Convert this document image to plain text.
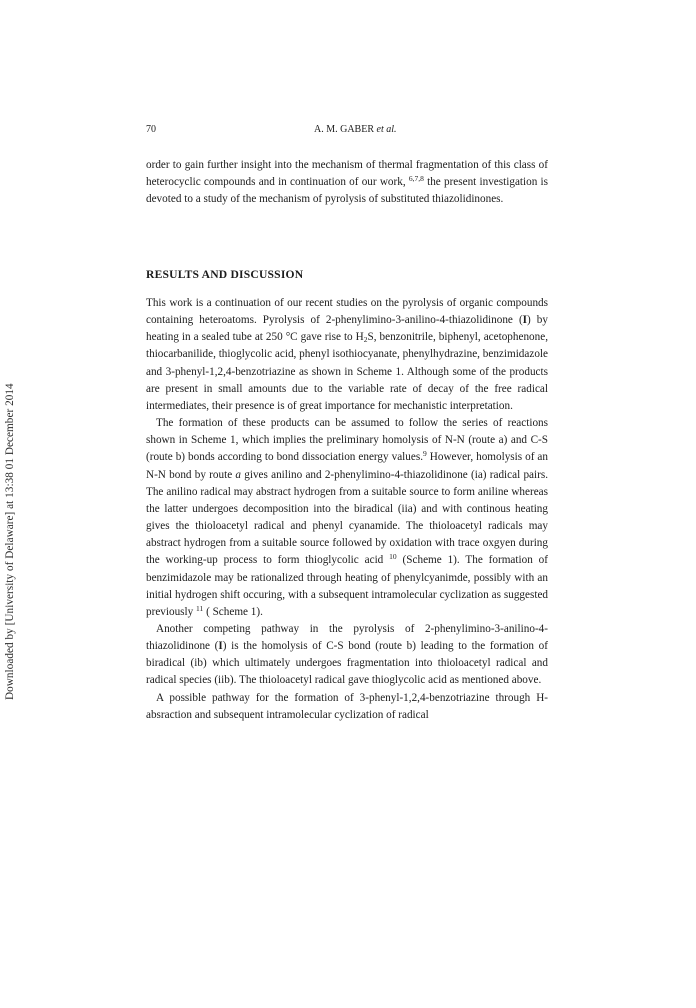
Downloaded by [University of Delaware] at 13:38 01 December 2014
70	A. M. GABER et al.

order to gain further insight into the mechanism of thermal fragmentation of this class of heterocyclic compounds and in continuation of our work, $^{6,7,8}$ the present investigation is devoted to a study of the mechanism of pyrolysis of substituted thiazolidinones.

RESULTS AND DISCUSSION

This work is a continuation of our recent studies on the pyrolysis of organic compounds containing heteroatoms. Pyrolysis of 2-phenylimino-3-anilino-4-thiazolidinone (I) by heating in a sealed tube at 250 °C gave rise to $H_2S$, benzonitrile, biphenyl, acetophenone, thiocarbanilide, thioglycolic acid, phenyl isothiocyanate, phenylhydrazine, benzimidazole and 3-phenyl-1,2,4-benzotriazine as shown in Scheme 1. Although some of the products are present in small amounts due to the variable rate of decay of the free radical intermediates, their presence is of great importance for mechanistic interpretation.

The formation of these products can be assumed to follow the series of reactions shown in Scheme 1, which implies the preliminary homolysis of N-N (route a) and C-S (route b) bonds according to bond dissociation energy values.$^9$ However, homolysis of an N-N bond by route a gives anilino and 2-phenylimino-4-thiazolidinone (ia) radical pairs. The anilino radical may abstract hydrogen from a suitable source to form aniline whereas the latter undergoes decomposition into the biradical (iia) and with continous heating gives the thioloacetyl radical and phenyl cyanamide. The thioloacetyl radicals may abstract hydrogen from a suitable source followed by oxidation with trace oxgyen during the working-up process to form thioglycolic acid $^{10}$ (Scheme 1). The formation of benzimidazole may be rationalized through heating of phenylcyanimde, possibly with an initial hydrogen shift occuring, with a subsequent intramolecular cyclization as suggested previously $^{11}$ ( Scheme 1).

Another competing pathway in the pyrolysis of 2-phenylimino-3-anilino-4-thiazolidinone (I) is the homolysis of C-S bond (route b) leading to the formation of biradical (ib) which ultimately undergoes fragmentation into thioloacetyl radical and radical species (iib). The thioloacetyl radical gave thioglycolic acid as mentioned above.

A possible pathway for the formation of 3-phenyl-1,2,4-benzotriazine through H-absraction and subsequent intramolecular cyclization of radical
